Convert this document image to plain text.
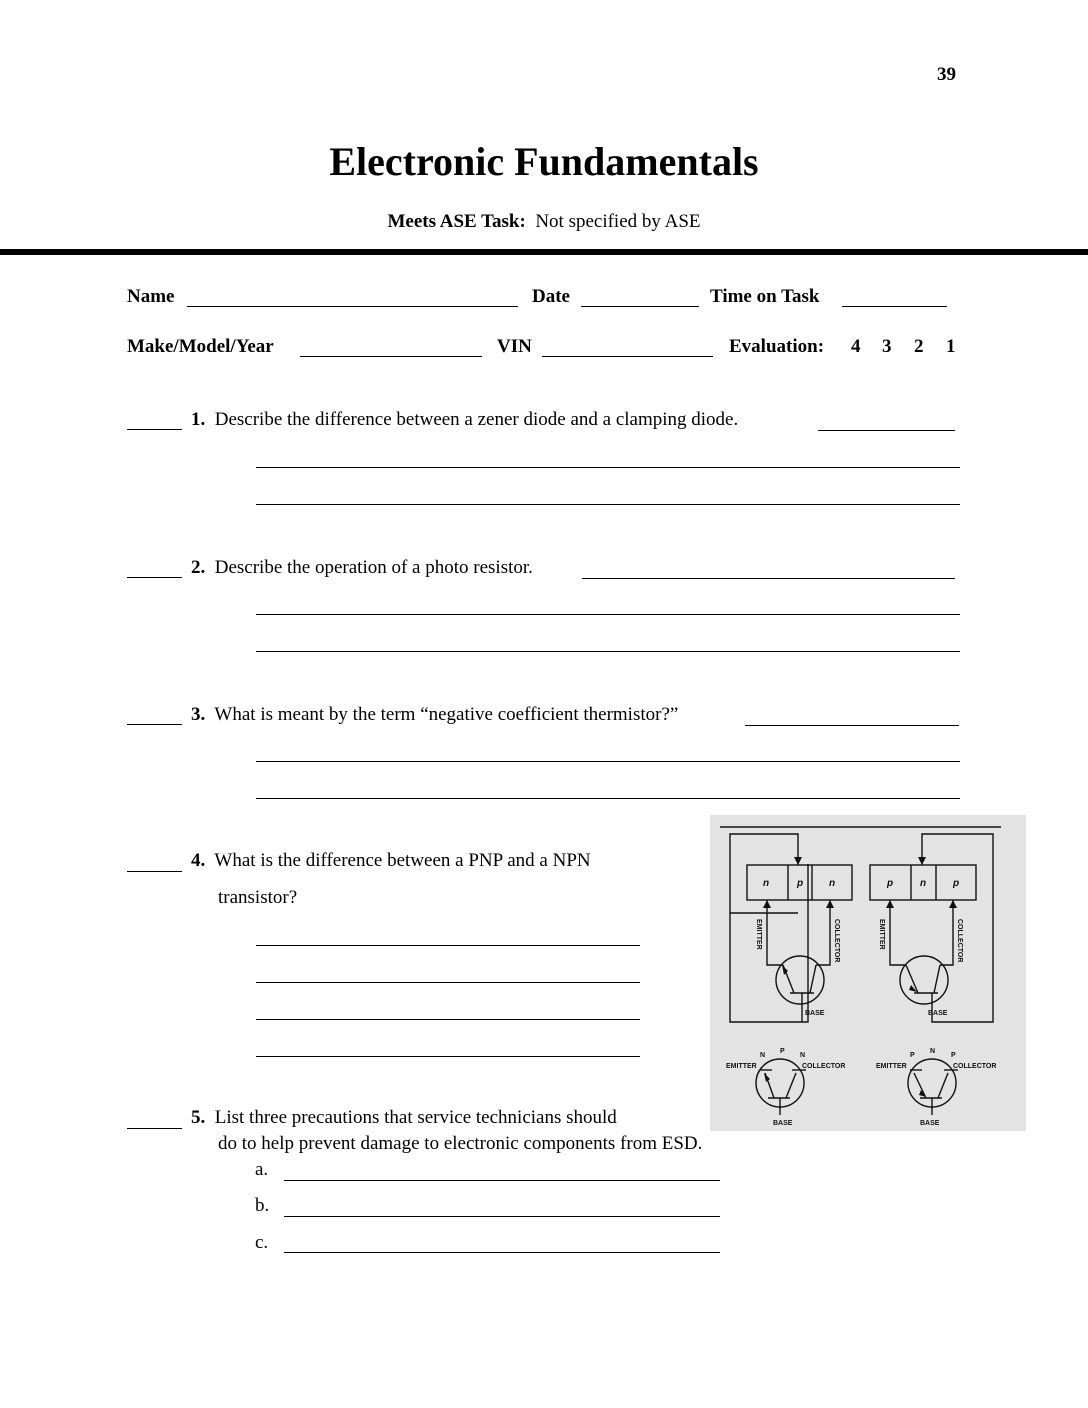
39
Electronic Fundamentals
Meets ASE Task: Not specified by ASE
Name	Date	Time on Task
Make/Model/Year	VIN	Evaluation: 4 3 2 1
1. Describe the difference between a zener diode and a clamping diode.
2. Describe the operation of a photo resistor.
3. What is meant by the term “negative coefficient thermistor?”
4. What is the difference between a PNP and a NPN
transistor?
n	p	n	p	n	p
EMITTER	COLLECTOR	EMITTER	COLLECTOR
BASE	BASE
N
P
N
EMITTER	COLLECTOR
BASE
P
N
P
EMITTER	COLLECTOR
BASE
5. List three precautions that service technicians should
do to help prevent damage to electronic components from ESD.
a.
b.
c.
